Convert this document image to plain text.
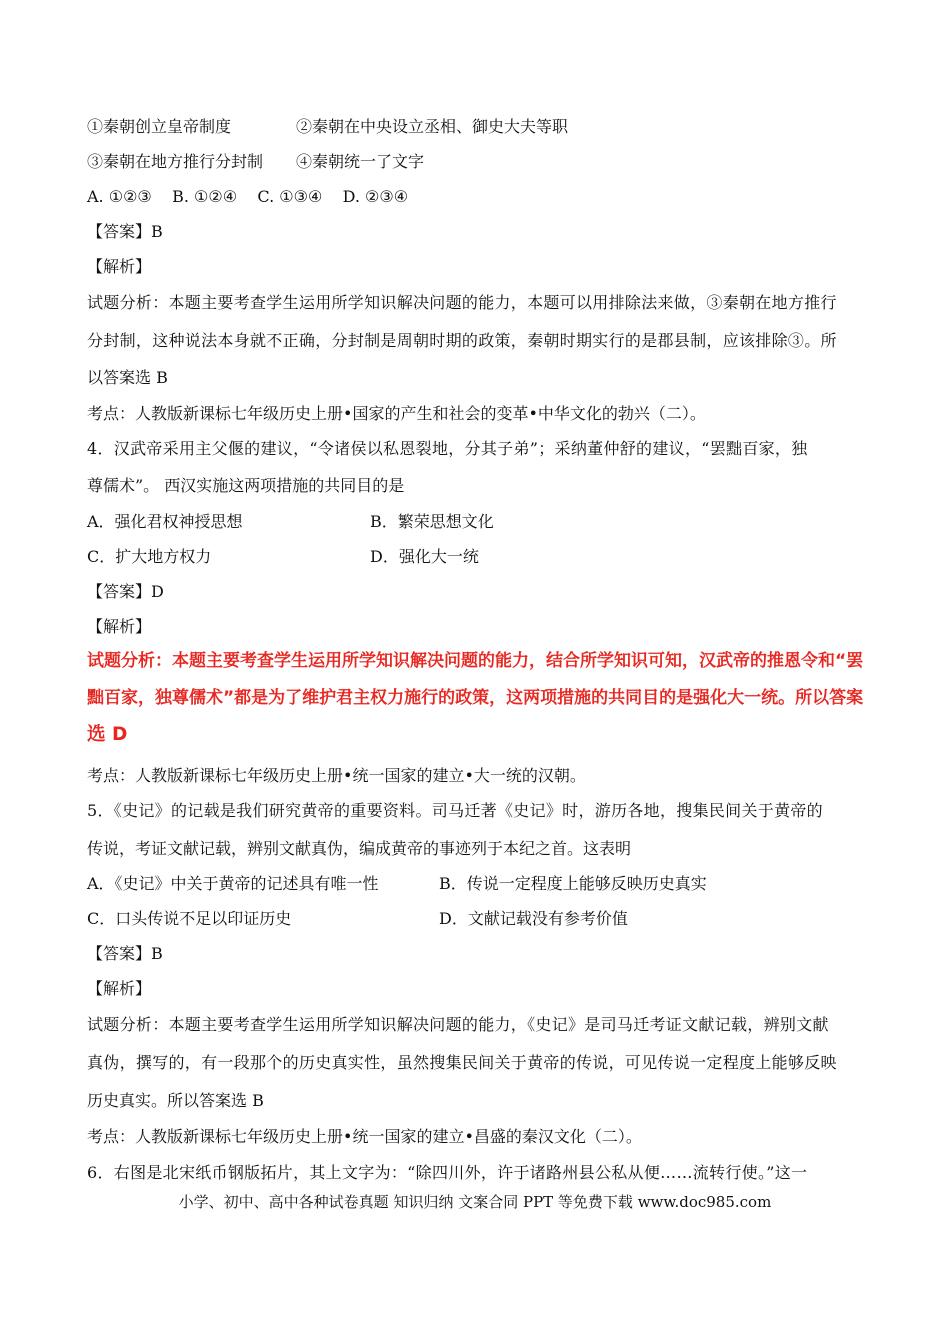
①秦朝创立皇帝制度	②秦朝在中央设立丞相、御史大夫等职
③秦朝在地方推行分封制 ④秦朝统一了文字
A. ①②③    B. ①②④    C. ①③④    D. ②③④
【答案】B
【解析】
试题分析：本题主要考查学生运用所学知识解决问题的能力，本题可以用排除法来做，③秦朝在地方推行
分封制，这种说法本身就不正确，分封制是周朝时期的政策，秦朝时期实行的是郡县制，应该排除③。所
以答案选 B
考点：人教版新课标七年级历史上册•国家的产生和社会的变革•中华文化的勃兴（二）。
4．汉武帝采用主父偃的建议，“令诸侯以私恩裂地，分其子弟”；采纳董仲舒的建议，“罢黜百家，独
尊儒术”。 西汉实施这两项措施的共同目的是
A．强化君权神授思想	B．繁荣思想文化
C．扩大地方权力	D．强化大一统
【答案】D
【解析】
试题分析：本题主要考查学生运用所学知识解决问题的能力，结合所学知识可知，汉武帝的推恩令和“罢
黜百家，独尊儒术”都是为了维护君主权力施行的政策，这两项措施的共同目的是强化大一统。所以答案
选 D
考点：人教版新课标七年级历史上册•统一国家的建立•大一统的汉朝。
5．《史记》的记载是我们研究黄帝的重要资料。司马迁著《史记》时，游历各地，搜集民间关于黄帝的
传说，考证文献记载，辨别文献真伪，编成黄帝的事迹列于本纪之首。这表明
A．《史记》中关于黄帝的记述具有唯一性	B．传说一定程度上能够反映历史真实
C．口头传说不足以印证历史	D．文献记载没有参考价值
【答案】B
【解析】
试题分析：本题主要考查学生运用所学知识解决问题的能力，《史记》是司马迁考证文献记载，辨别文献
真伪，撰写的，有一段那个的历史真实性，虽然搜集民间关于黄帝的传说，可见传说一定程度上能够反映
历史真实。所以答案选 B
考点：人教版新课标七年级历史上册•统一国家的建立•昌盛的秦汉文化（二）。
6．右图是北宋纸币钢版拓片，其上文字为：“除四川外，许于诸路州县公私从便……流转行使。”这一
小学、初中、高中各种试卷真题 知识归纳 文案合同 PPT 等免费下载 www.doc985.com
